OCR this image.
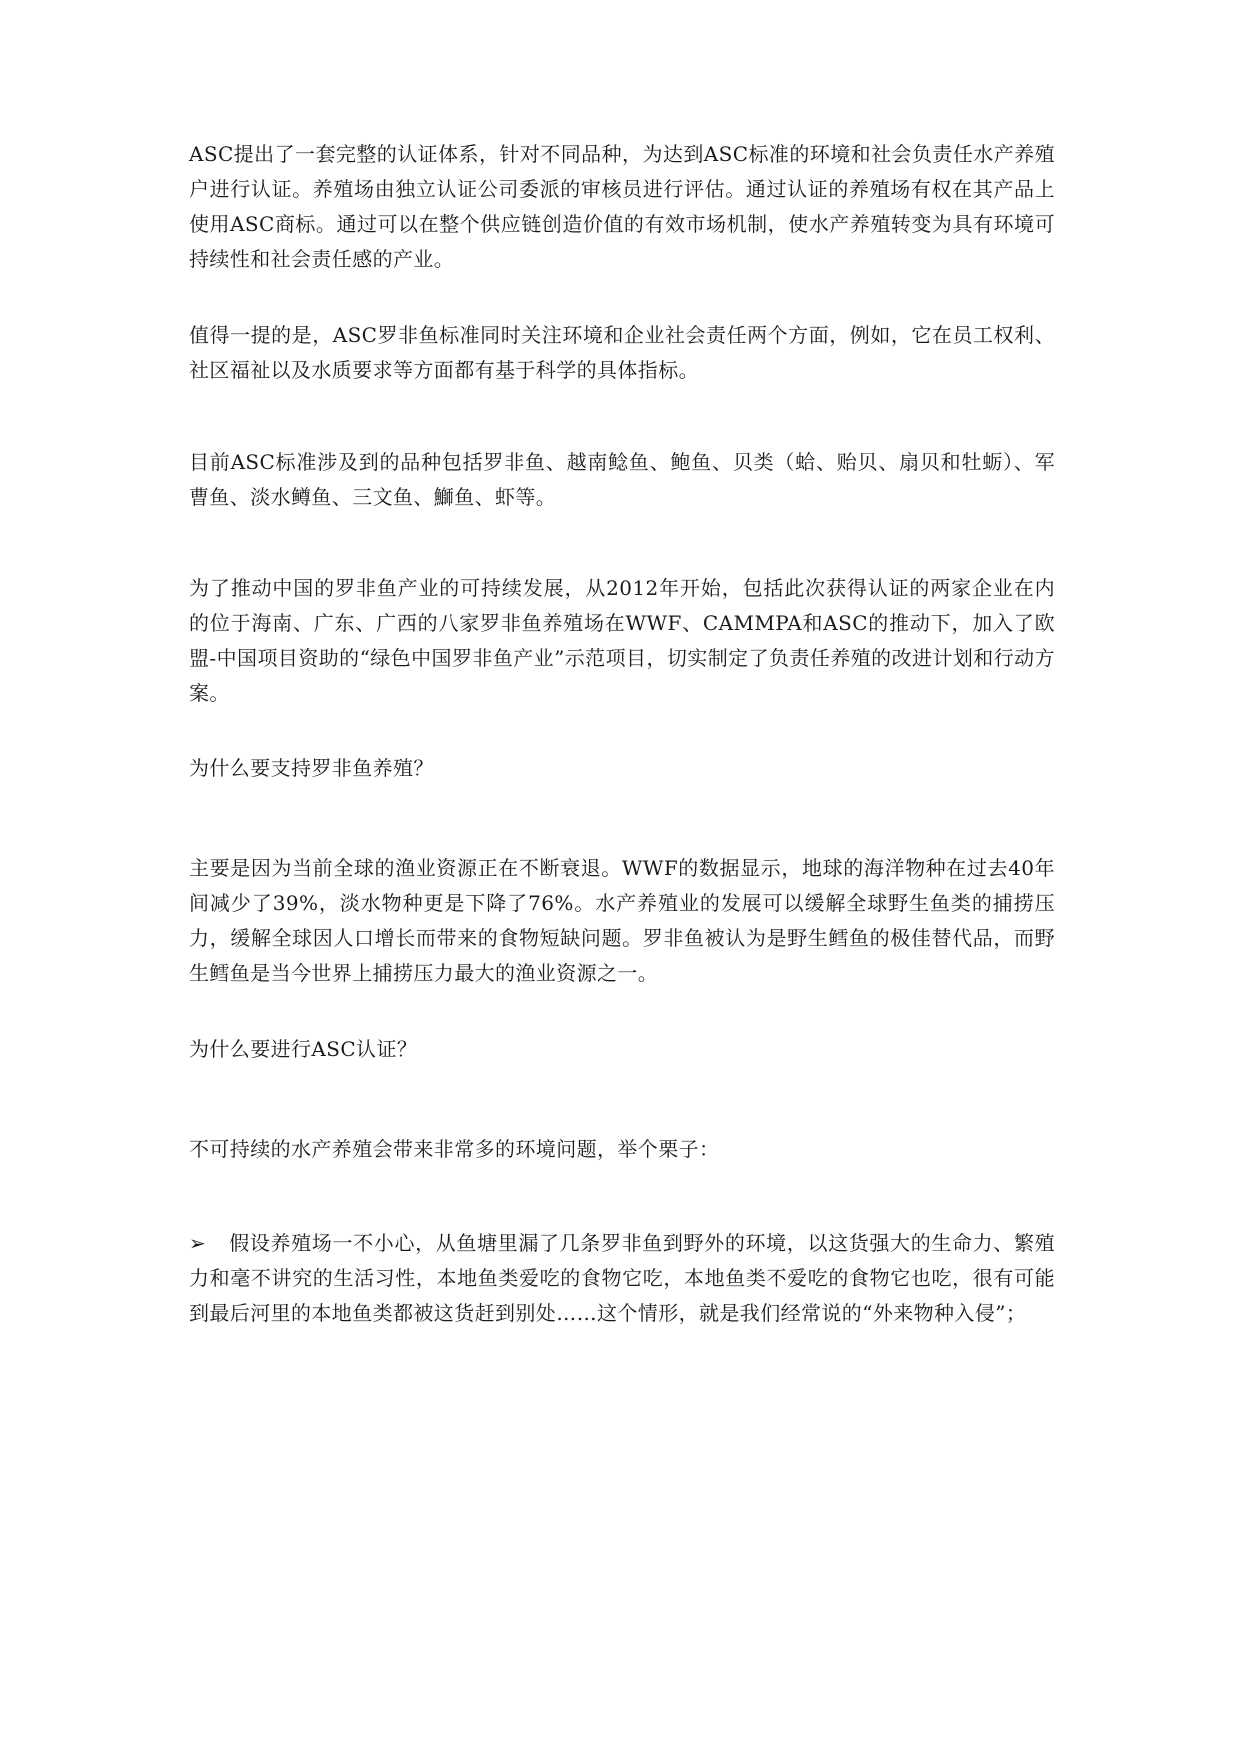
ASC提出了一套完整的认证体系，针对不同品种，为达到ASC标准的环境和社会负责任水产养殖户进行认证。养殖场由独立认证公司委派的审核员进行评估。通过认证的养殖场有权在其产品上使用ASC商标。通过可以在整个供应链创造价值的有效市场机制，使水产养殖转变为具有环境可持续性和社会责任感的产业。

值得一提的是，ASC罗非鱼标准同时关注环境和企业社会责任两个方面，例如，它在员工权利、社区福祉以及水质要求等方面都有基于科学的具体指标。

目前ASC标准涉及到的品种包括罗非鱼、越南鲶鱼、鲍鱼、贝类（蛤、贻贝、扇贝和牡蛎）、军曹鱼、淡水鳟鱼、三文鱼、鰤鱼、虾等。

为了推动中国的罗非鱼产业的可持续发展，从2012年开始，包括此次获得认证的两家企业在内的位于海南、广东、广西的八家罗非鱼养殖场在WWF、CAMMPA和ASC的推动下，加入了欧盟-中国项目资助的“绿色中国罗非鱼产业”示范项目，切实制定了负责任养殖的改进计划和行动方案。

为什么要支持罗非鱼养殖？

主要是因为当前全球的渔业资源正在不断衰退。WWF的数据显示，地球的海洋物种在过去40年间减少了39%，淡水物种更是下降了76%。水产养殖业的发展可以缓解全球野生鱼类的捕捞压力，缓解全球因人口增长而带来的食物短缺问题。罗非鱼被认为是野生鳕鱼的极佳替代品，而野生鳕鱼是当今世界上捕捞压力最大的渔业资源之一。

为什么要进行ASC认证？

不可持续的水产养殖会带来非常多的环境问题，举个栗子：

➢ 假设养殖场一不小心，从鱼塘里漏了几条罗非鱼到野外的环境，以这货强大的生命力、繁殖力和毫不讲究的生活习性，本地鱼类爱吃的食物它吃，本地鱼类不爱吃的食物它也吃，很有可能到最后河里的本地鱼类都被这货赶到别处……这个情形，就是我们经常说的“外来物种入侵”；
